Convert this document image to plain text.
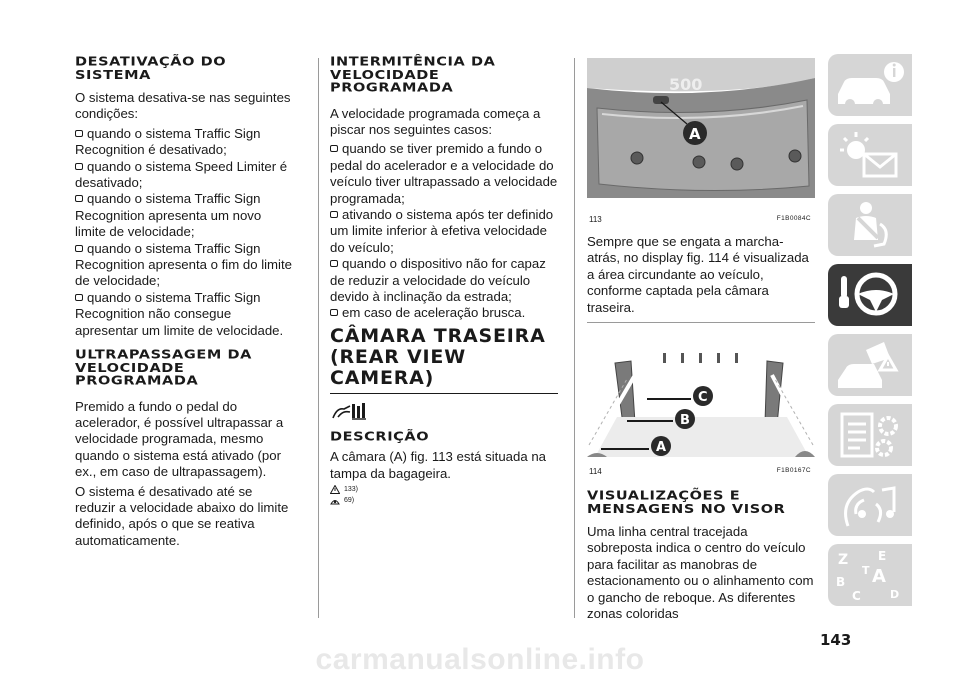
DESATIVAÇÃO DO SISTEMA

O sistema desativa-se nas seguintes condições:

quando o sistema Traffic Sign Recognition é desativado;
quando o sistema Speed Limiter é desativado;
quando o sistema Traffic Sign Recognition apresenta um novo limite de velocidade;
quando o sistema Traffic Sign Recognition apresenta o fim do limite de velocidade;
quando o sistema Traffic Sign Recognition não consegue apresentar um limite de velocidade.
ULTRAPASSAGEM DA VELOCIDADE PROGRAMADA

Premido a fundo o pedal do acelerador, é possível ultrapassar a velocidade programada, mesmo quando o sistema está ativado (por ex., em caso de ultrapassagem).

O sistema é desativado até se reduzir a velocidade abaixo do limite definido, após o que se reativa automaticamente.

INTERMITÊNCIA DA VELOCIDADE PROGRAMADA

A velocidade programada começa a piscar nos seguintes casos:

quando se tiver premido a fundo o pedal do acelerador e a velocidade do veículo tiver ultrapassado a velocidade programada;
ativando o sistema após ter definido um limite inferior à efetiva velocidade do veículo;
quando o dispositivo não for capaz de reduzir a velocidade do veículo devido à inclinação da estrada;
em caso de aceleração brusca.
CÂMARA TRASEIRA (REAR VIEW CAMERA)
DESCRIÇÃO

A câmara (A) fig. 113 está situada na tampa da bagageira.

133)
69)
500
A
113	F1B0084C

Sempre que se engata a marcha-atrás, no display fig. 114 é visualizada a área circundante ao veículo, conforme captada pela câmara traseira.

C
B
A
114	F1B0167C
VISUALIZAÇÕES E MENSAGENS NO VISOR

Uma linha central tracejada sobreposta indica o centro do veículo para facilitar as manobras de estacionamento ou o alinhamento com o gancho de reboque. As diferentes zonas coloridas

Z E
B A
C	D
T
143
carmanualsonline.info
